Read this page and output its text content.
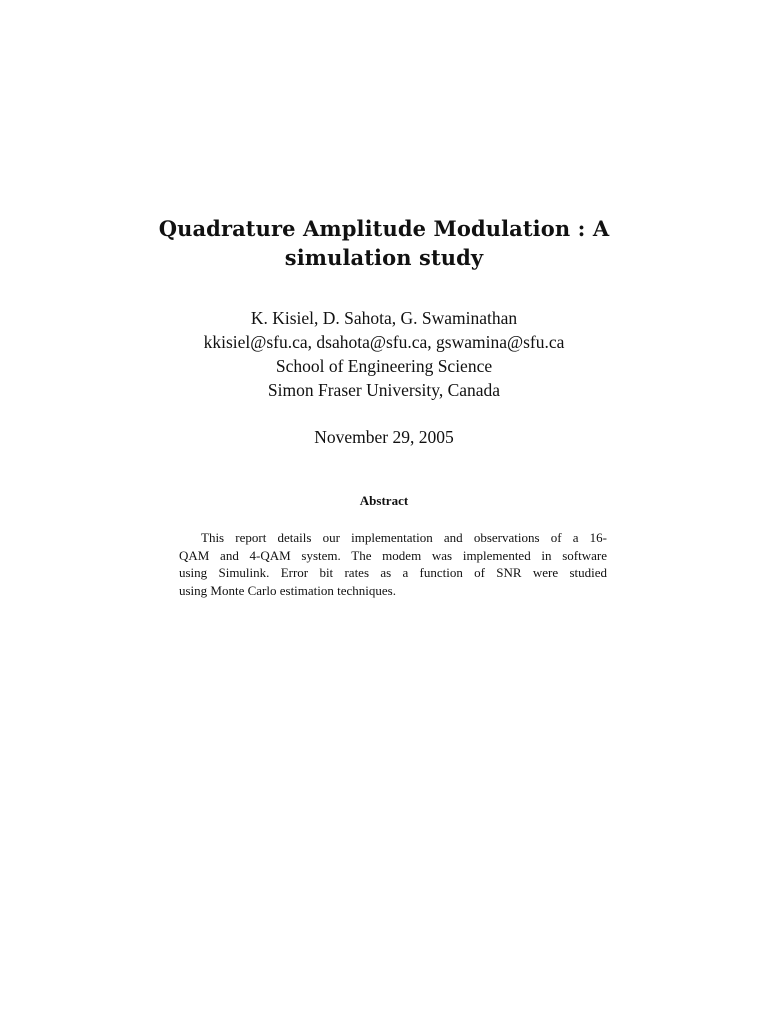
Quadrature Amplitude Modulation : A
simulation study
K. Kisiel, D. Sahota, G. Swaminathan
kkisiel@sfu.ca, dsahota@sfu.ca, gswamina@sfu.ca
School of Engineering Science
Simon Fraser University, Canada
November 29, 2005
Abstract
This report details our implementation and observations of a 16-
QAM and 4-QAM system. The modem was implemented in software
using Simulink. Error bit rates as a function of SNR were studied
using Monte Carlo estimation techniques.
